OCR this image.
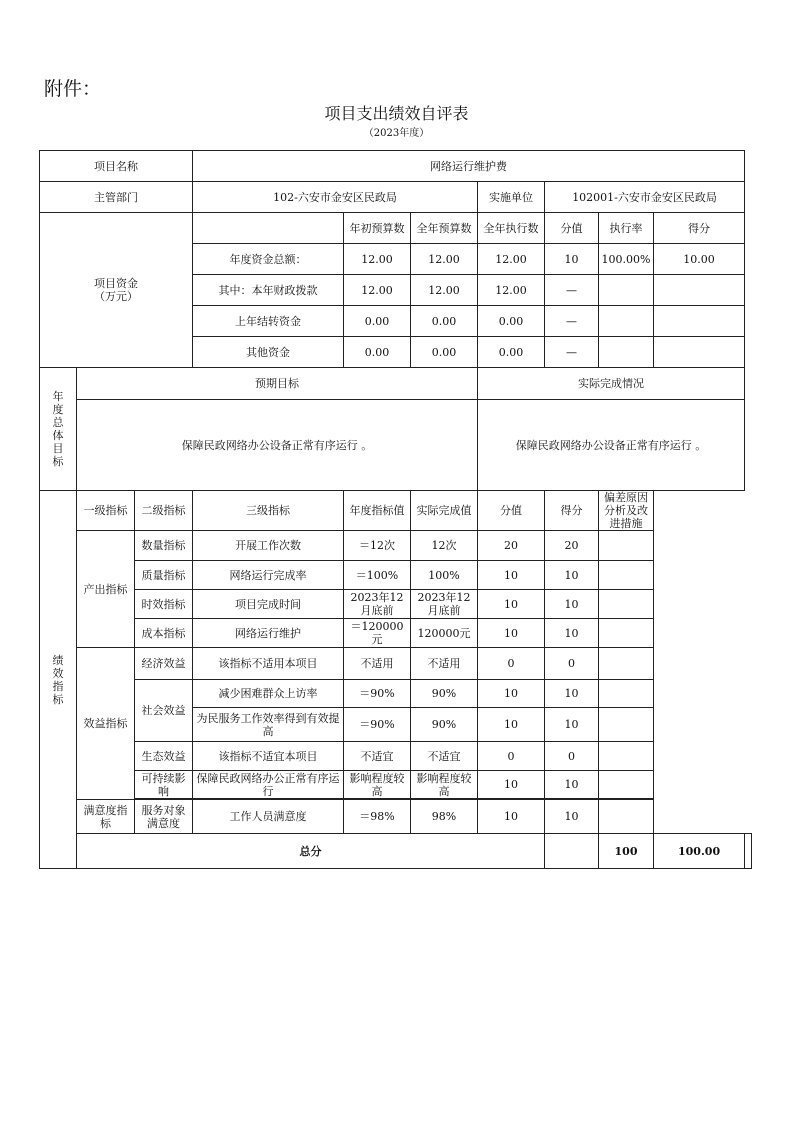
附件：
项目支出绩效自评表
（2023年度）
项目名称			网络运行维护费							
主管部门			102-六安市金安区民政局			实施单位	102001-六安市金安区民政局			

项目资金
（万元）				年初预算数	全年预算数	全年执行数	分值	执行率	得分	
			年度资金总额：	12.00	12.00	12.00	10	100.00%	10.00	
			其中：本年财政拨款	12.00	12.00	12.00	—			
			上年结转资金	0.00	0.00	0.00	—			
			其他资金	0.00	0.00	0.00	—			

年度总体目标	预期目标					实际完成情况				
	保障民政网络办公设备正常有序运行 。					保障民政网络办公设备正常有序运行 。				

绩效指标	一级指标	二级指标	三级指标	年度指标值	实际完成值	分值	得分	偏差原因分析及改进措施		
	产出指标	数量指标	开展工作次数	＝12次	12次	20	20			
		质量指标	网络运行完成率	＝100%	100%	10	10			
		时效指标	项目完成时间	2023年12月底前	2023年12月底前	10	10			
		成本指标	网络运行维护	＝120000元	120000元	10	10			
	效益指标	经济效益	该指标不适用本项目	不适用	不适用	0	0			
		社会效益	减少困难群众上访率	＝90%	90%	10	10			
			为民服务工作效率得到有效提高	＝90%	90%	10	10			
		生态效益	该指标不适宜本项目	不适宜	不适宜	0	0			
		可持续影响	保障民政网络办公正常有序运行	影响程度较高	影响程度较高	10	10			

	满意度指标	服务对象满意度	工作人员满意度	＝98%	98%	10	10			
	总分							100	100.00	
